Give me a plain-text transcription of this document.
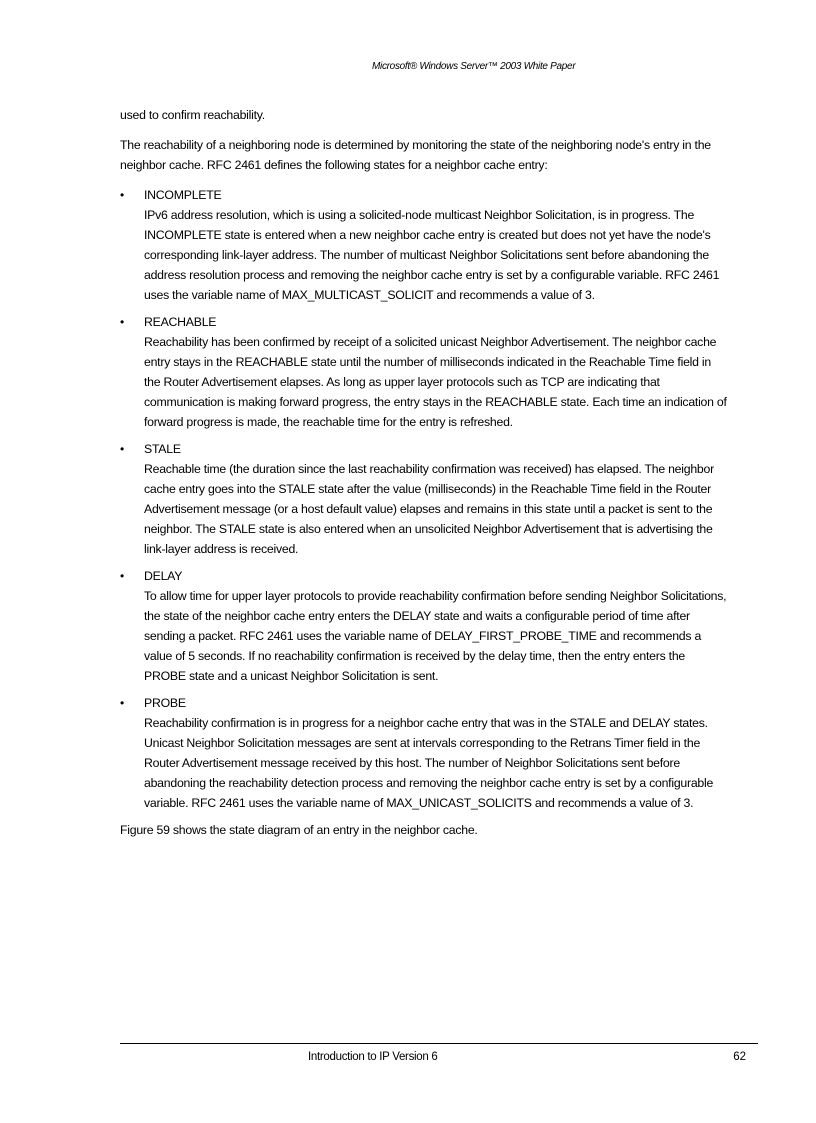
Microsoft® Windows Server™ 2003 White Paper

used to confirm reachability.

The reachability of a neighboring node is determined by monitoring the state of the neighboring node's entry in the neighbor cache. RFC 2461 defines the following states for a neighbor cache entry:

• INCOMPLETE
IPv6 address resolution, which is using a solicited-node multicast Neighbor Solicitation, is in progress. The INCOMPLETE state is entered when a new neighbor cache entry is created but does not yet have the node's corresponding link-layer address. The number of multicast Neighbor Solicitations sent before abandoning the address resolution process and removing the neighbor cache entry is set by a configurable variable. RFC 2461 uses the variable name of MAX_MULTICAST_SOLICIT and recommends a value of 3.
• REACHABLE
Reachability has been confirmed by receipt of a solicited unicast Neighbor Advertisement. The neighbor cache entry stays in the REACHABLE state until the number of milliseconds indicated in the Reachable Time field in the Router Advertisement elapses. As long as upper layer protocols such as TCP are indicating that communication is making forward progress, the entry stays in the REACHABLE state. Each time an indication of forward progress is made, the reachable time for the entry is refreshed.
• STALE
Reachable time (the duration since the last reachability confirmation was received) has elapsed. The neighbor cache entry goes into the STALE state after the value (milliseconds) in the Reachable Time field in the Router Advertisement message (or a host default value) elapses and remains in this state until a packet is sent to the neighbor. The STALE state is also entered when an unsolicited Neighbor Advertisement that is advertising the link-layer address is received.
• DELAY
To allow time for upper layer protocols to provide reachability confirmation before sending Neighbor Solicitations, the state of the neighbor cache entry enters the DELAY state and waits a configurable period of time after sending a packet. RFC 2461 uses the variable name of DELAY_FIRST_PROBE_TIME and recommends a value of 5 seconds. If no reachability confirmation is received by the delay time, then the entry enters the PROBE state and a unicast Neighbor Solicitation is sent.
• PROBE
Reachability confirmation is in progress for a neighbor cache entry that was in the STALE and DELAY states. Unicast Neighbor Solicitation messages are sent at intervals corresponding to the Retrans Timer field in the Router Advertisement message received by this host. The number of Neighbor Solicitations sent before abandoning the reachability detection process and removing the neighbor cache entry is set by a configurable variable. RFC 2461 uses the variable name of MAX_UNICAST_SOLICITS and recommends a value of 3.

Figure 59 shows the state diagram of an entry in the neighbor cache.

Introduction to IP Version 6	62
